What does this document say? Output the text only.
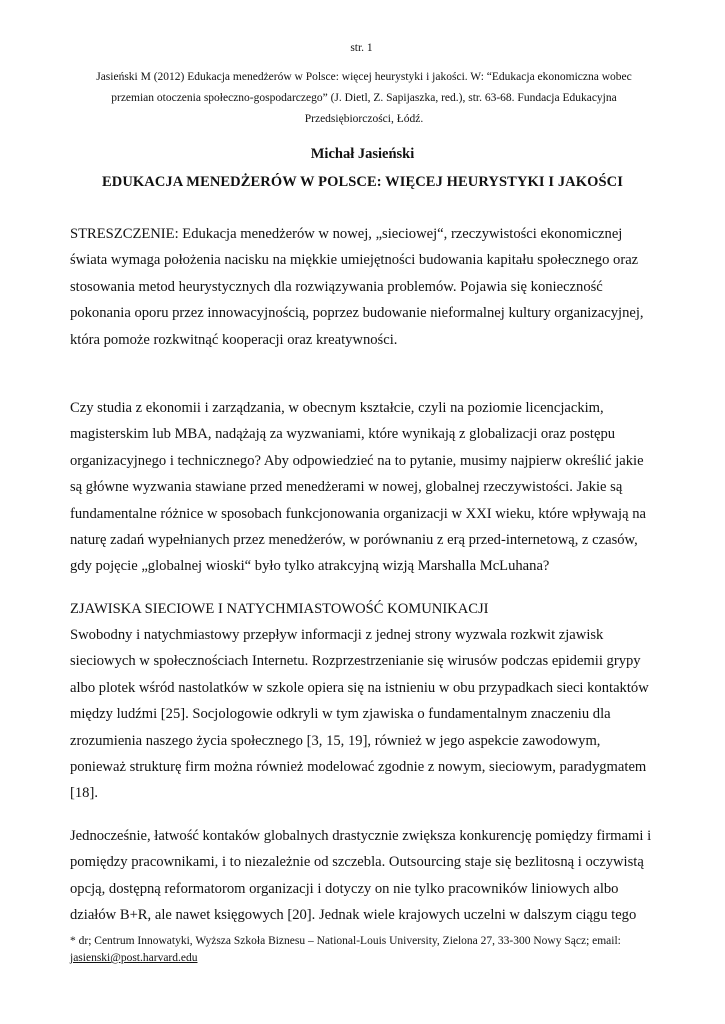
str. 1
Jasieński M (2012) Edukacja menedżerów w Polsce: więcej heurystyki i jakości. W: “Edukacja ekonomiczna wobec
przemian otoczenia społeczno-gospodarczego” (J. Dietl, Z. Sapijaszka, red.), str. 63-68. Fundacja Edukacyjna
Przedsiębiorczości, Łódź.
Michał Jasieński
EDUKACJA MENEDŻERÓW W POLSCE: WIĘCEJ HEURYSTYKI I JAKOŚCI
STRESZCZENIE: Edukacja menedżerów w nowej, „sieciowej“, rzeczywistości ekonomicznej
świata wymaga położenia nacisku na miękkie umiejętności budowania kapitału społecznego oraz
stosowania metod heurystycznych dla rozwiązywania problemów. Pojawia się konieczność
pokonania oporu przez innowacyjnością, poprzez budowanie nieformalnej kultury organizacyjnej,
która pomoże rozkwitnąć kooperacji oraz kreatywności.
Czy studia z ekonomii i zarządzania, w obecnym kształcie, czyli na poziomie licencjackim,
magisterskim lub MBA, nadążają za wyzwaniami, które wynikają z globalizacji oraz postępu
organizacyjnego i technicznego? Aby odpowiedzieć na to pytanie, musimy najpierw określić jakie
są główne wyzwania stawiane przed menedżerami w nowej, globalnej rzeczywistości. Jakie są
fundamentalne różnice w sposobach funkcjonowania organizacji w XXI wieku, które wpływają na
naturę zadań wypełnianych przez menedżerów, w porównaniu z erą przed-internetową, z czasów,
gdy pojęcie „globalnej wioski“ było tylko atrakcyjną wizją Marshalla McLuhana?
ZJAWISKA SIECIOWE I NATYCHMIASTOWOŚĆ KOMUNIKACJI
Swobodny i natychmiastowy przepływ informacji z jednej strony wyzwala rozkwit zjawisk
sieciowych w społecznościach Internetu. Rozprzestrzenianie się wirusów podczas epidemii grypy
albo plotek wśród nastolatków w szkole opiera się na istnieniu w obu przypadkach sieci kontaktów
między ludźmi [25]. Socjologowie odkryli w tym zjawiska o fundamentalnym znaczeniu dla
zrozumienia naszego życia społecznego [3, 15, 19], również w jego aspekcie zawodowym,
ponieważ strukturę firm można również modelować zgodnie z nowym, sieciowym, paradygmatem
[18].
Jednocześnie, łatwość kontaków globalnych drastycznie zwiększa konkurencję pomiędzy firmami i
pomiędzy pracownikami, i to niezależnie od szczebla. Outsourcing staje się bezlitosną i oczywistą
opcją, dostępną reformatorom organizacji i dotyczy on nie tylko pracowników liniowych albo
działów B+R, ale nawet księgowych [20]. Jednak wiele krajowych uczelni w dalszym ciągu tego
* dr; Centrum Innowatyki, Wyższa Szkoła Biznesu – National-Louis University, Zielona 27, 33-300 Nowy Sącz; email:
jasienski@post.harvard.edu
